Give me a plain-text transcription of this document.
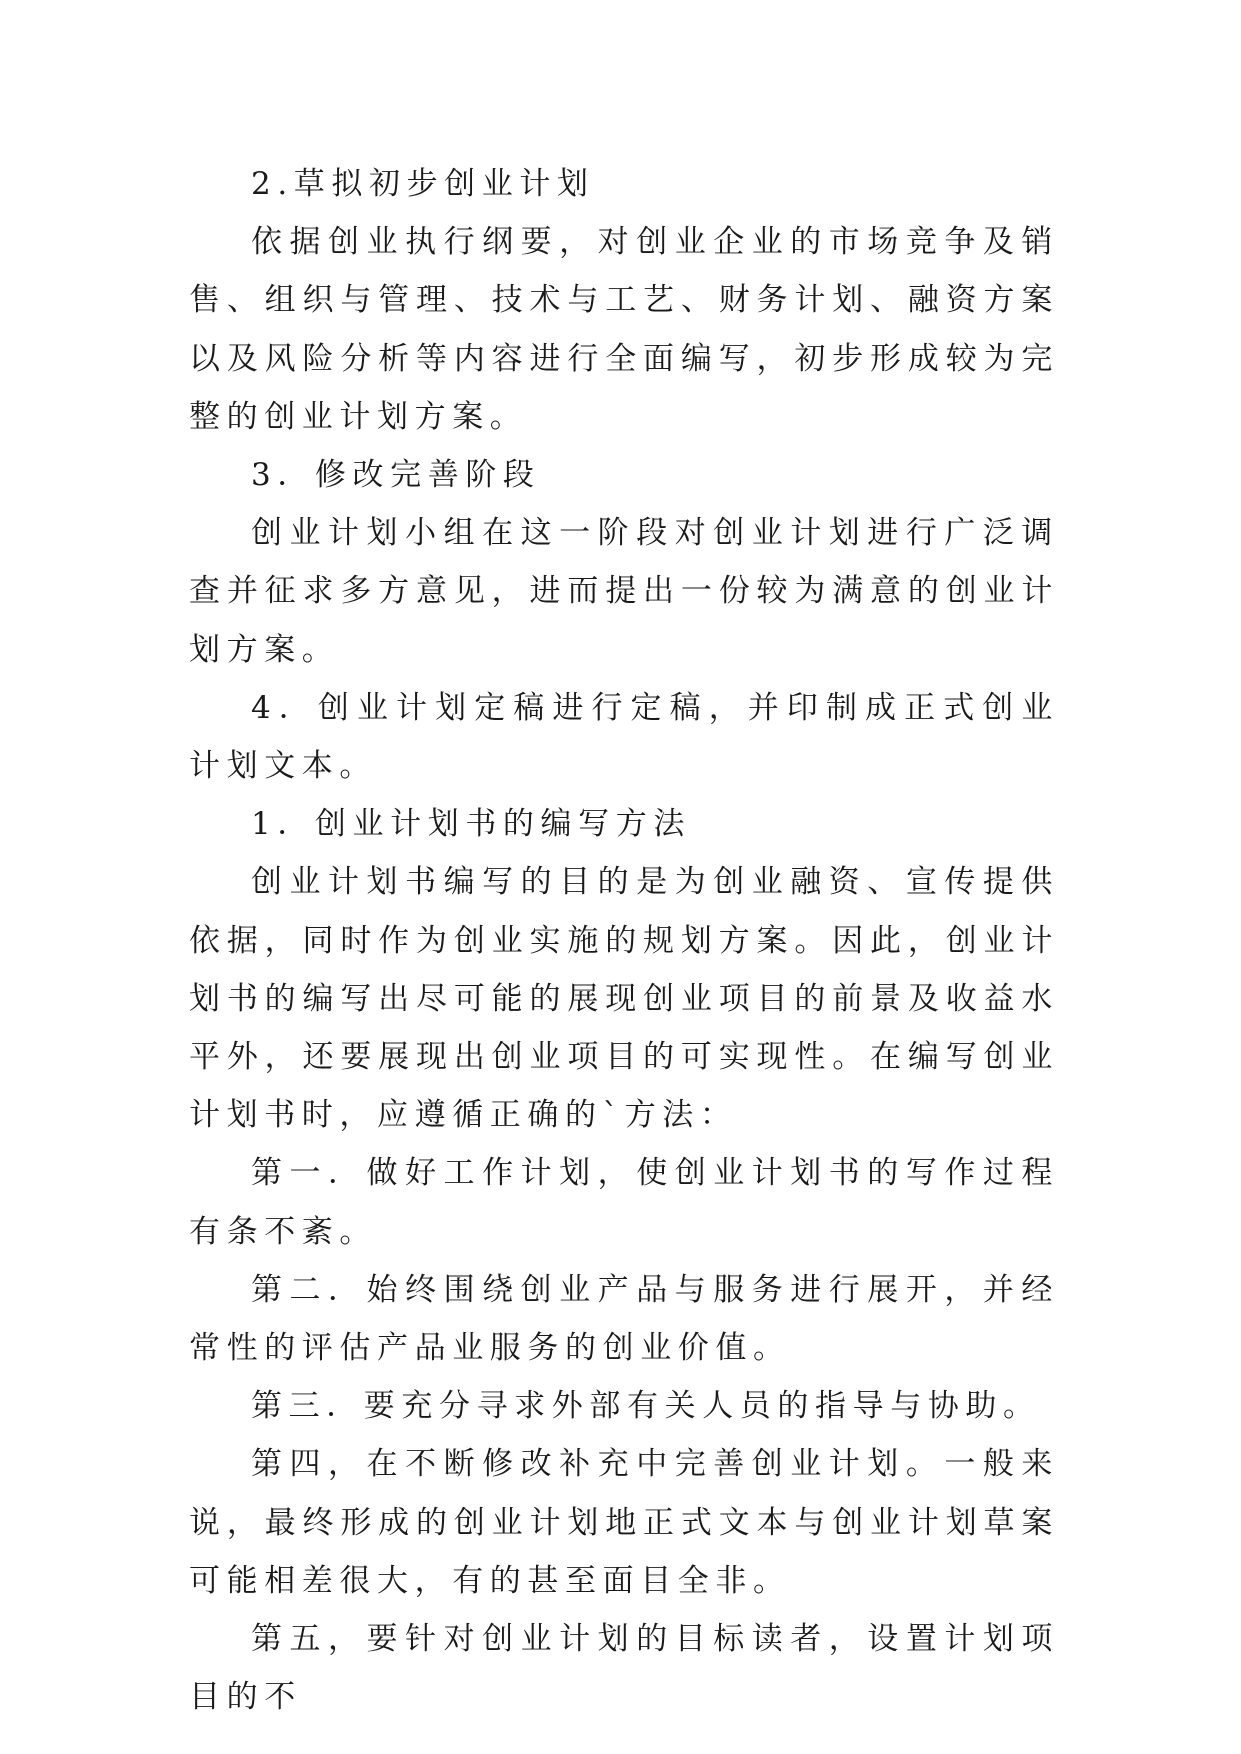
2.草拟初步创业计划

依据创业执行纲要，对创业企业的市场竞争及销售、组织与管理、技术与工艺、财务计划、融资方案以及风险分析等内容进行全面编写，初步形成较为完整的创业计划方案。

3．修改完善阶段

创业计划小组在这一阶段对创业计划进行广泛调查并征求多方意见，进而提出一份较为满意的创业计划方案。

4．创业计划定稿进行定稿，并印制成正式创业计划文本。

1．创业计划书的编写方法

创业计划书编写的目的是为创业融资、宣传提供依据，同时作为创业实施的规划方案。因此，创业计划书的编写出尽可能的展现创业项目的前景及收益水平外，还要展现出创业项目的可实现性。在编写创业计划书时，应遵循正确的`方法：

第一．做好工作计划，使创业计划书的写作过程有条不紊。

第二．始终围绕创业产品与服务进行展开，并经常性的评估产品业服务的创业价值。

第三．要充分寻求外部有关人员的指导与协助。

第四，在不断修改补充中完善创业计划。一般来说，最终形成的创业计划地正式文本与创业计划草案可能相差很大，有的甚至面目全非。

第五，要针对创业计划的目标读者，设置计划项目的不
